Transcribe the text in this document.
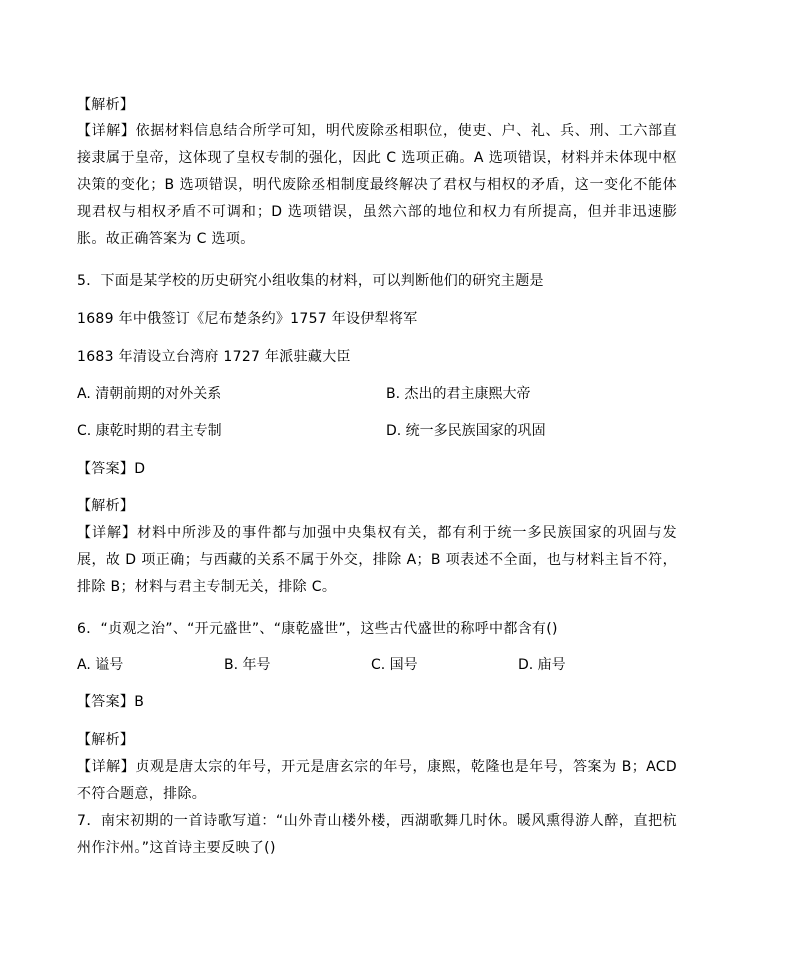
【解析】
【详解】依据材料信息结合所学可知，明代废除丞相职位，使吏、户、礼、兵、刑、工六部直接隶属于皇帝，这体现了皇权专制的强化，因此 C 选项正确。A 选项错误，材料并未体现中枢决策的变化；B 选项错误，明代废除丞相制度最终解决了君权与相权的矛盾，这一变化不能体现君权与相权矛盾不可调和；D 选项错误，虽然六部的地位和权力有所提高，但并非迅速膨胀。故正确答案为 C 选项。
5．下面是某学校的历史研究小组收集的材料，可以判断他们的研究主题是
1689 年中俄签订《尼布楚条约》1757 年设伊犁将军
1683 年清设立台湾府 1727 年派驻藏大臣
A. 清朝前期的对外关系	B. 杰出的君主康熙大帝
C. 康乾时期的君主专制	D. 统一多民族国家的巩固
【答案】D
【解析】
【详解】材料中所涉及的事件都与加强中央集权有关，都有利于统一多民族国家的巩固与发展，故 D 项正确；与西藏的关系不属于外交，排除 A；B 项表述不全面，也与材料主旨不符，排除 B；材料与君主专制无关，排除 C。
6．“贞观之治”、“开元盛世”、“康乾盛世”，这些古代盛世的称呼中都含有()
A. 谥号	B. 年号	C. 国号	D. 庙号
【答案】B
【解析】
【详解】贞观是唐太宗的年号，开元是唐玄宗的年号，康熙，乾隆也是年号，答案为 B；ACD 不符合题意，排除。
7．南宋初期的一首诗歌写道：“山外青山楼外楼，西湖歌舞几时休。暖风熏得游人醉，直把杭州作汴州。”这首诗主要反映了()
